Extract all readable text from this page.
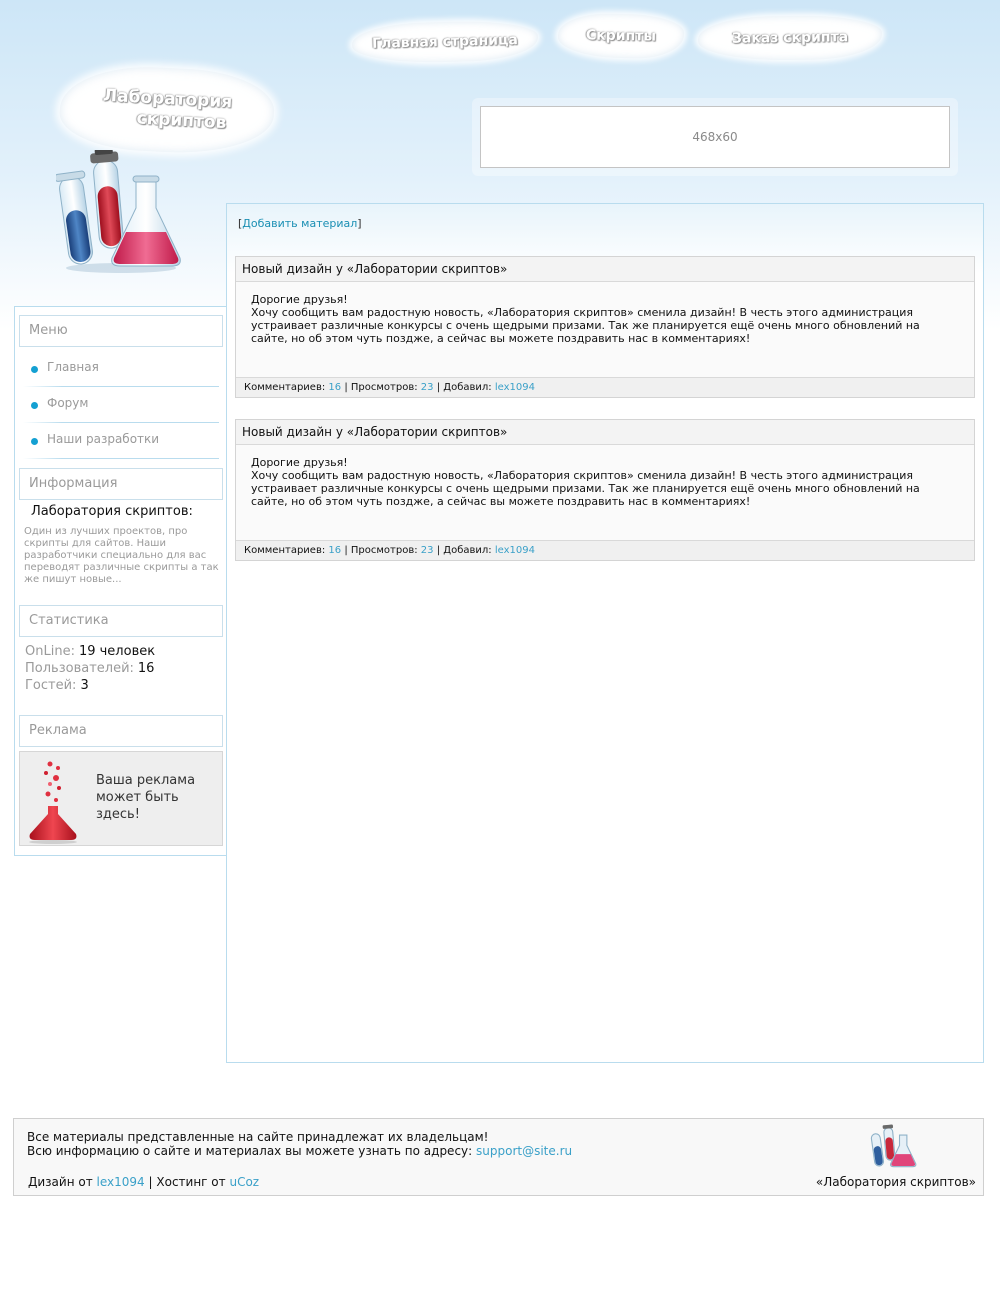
Главная страница	Скрипты	Заказ скрипта
Лаборатория
скриптов
468x60
Меню
Главная
Форум
Наши разработки
Информация
Лаборатория скриптов:
Один из лучших проектов, про скрипты для сайтов. Наши разработчики специально для вас переводят различные скрипты а так же пишут новые...
Статистика
OnLine: 19 человек
Пользователей: 16
Гостей: 3
Реклама
Ваша реклама может быть здесь!
[Добавить материал]
Новый дизайн у «Лаборатории скриптов»
Дорогие друзья!
Хочу сообщить вам радостную новость, «Лаборатория скриптов» сменила дизайн! В честь этого администрация устраивает различные конкурсы с очень щедрыми призами. Так же планируется ещё очень много обновлений на сайте, но об этом чуть поздже, а сейчас вы можете поздравить нас в комментариях!
Комментариев: 16 | Просмотров: 23 | Добавил: lex1094
Новый дизайн у «Лаборатории скриптов»
Дорогие друзья!
Хочу сообщить вам радостную новость, «Лаборатория скриптов» сменила дизайн! В честь этого администрация устраивает различные конкурсы с очень щедрыми призами. Так же планируется ещё очень много обновлений на сайте, но об этом чуть поздже, а сейчас вы можете поздравить нас в комментариях!
Комментариев: 16 | Просмотров: 23 | Добавил: lex1094
Все материалы представленные на сайте принадлежат их владельцам!
Всю информацию о сайте и материалах вы можете узнать по адресу: support@site.ru
Дизайн от lex1094 | Хостинг от uCoz	«Лаборатория скриптов»
